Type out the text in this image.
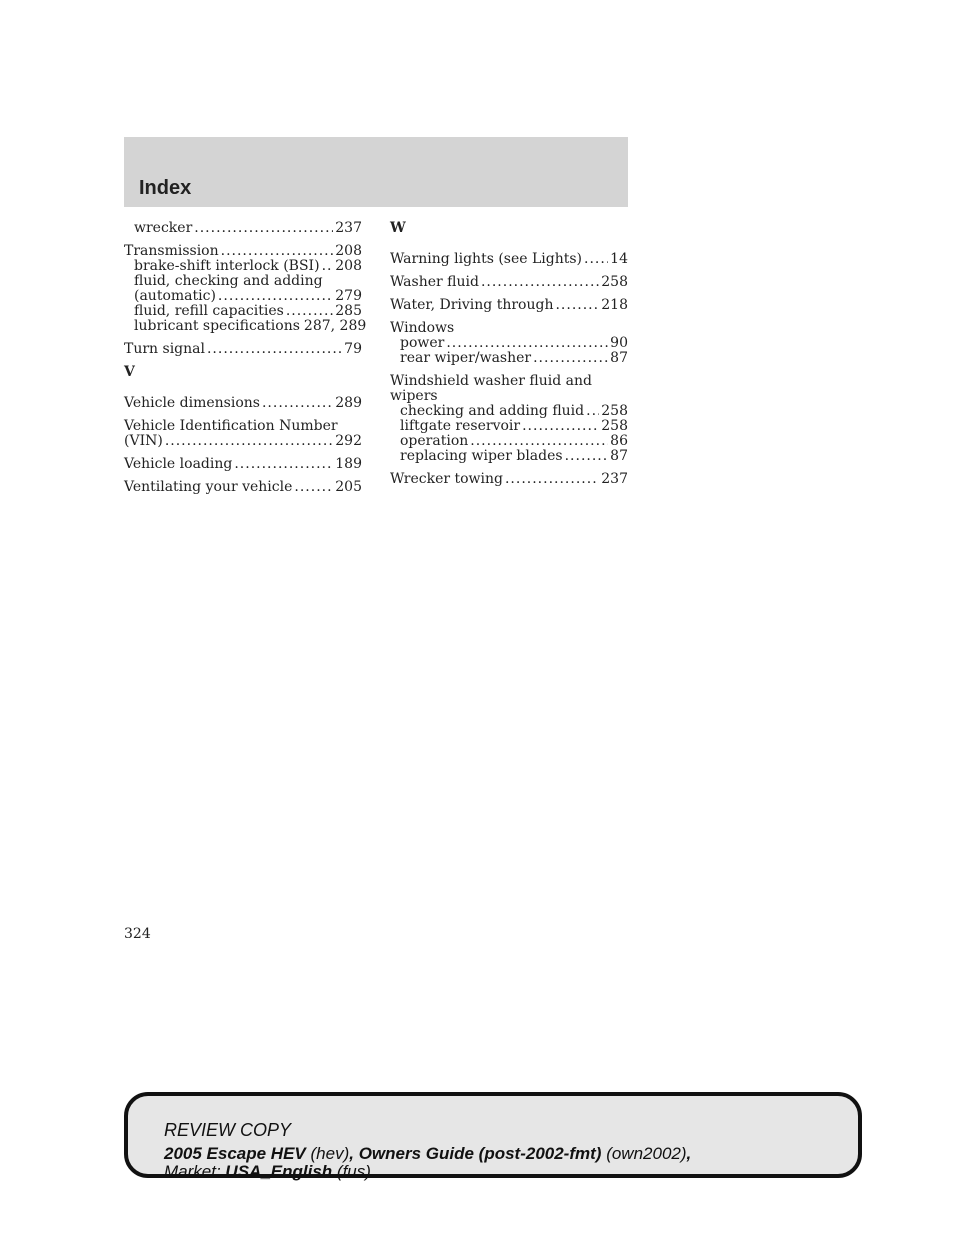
Index
wrecker .....	237
Transmission .....	208
brake-shift interlock (BSI) ..... 208
fluid, checking and adding
(automatic) .....	279
fluid, refill capacities .....	285
lubricant specifications 287, 289
Turn signal .....	79
V
Vehicle dimensions .....	289
Vehicle Identification Number
(VIN) .....	292
Vehicle loading .....	189
Ventilating your vehicle .....	205
W
Warning lights (see Lights) ..... 14
Washer fluid .....	258
Water, Driving through .....	218
Windows
power .....	90
rear wiper/washer .....	87
Windshield washer fluid and
wipers
checking and adding fluid ..... 258
liftgate reservoir .....	258
operation .....	86
replacing wiper blades .....	87
Wrecker towing .....	237
324
REVIEW COPY
2005 Escape HEV (hev), Owners Guide (post-2002-fmt) (own2002),
Market: USA_English (fus)
